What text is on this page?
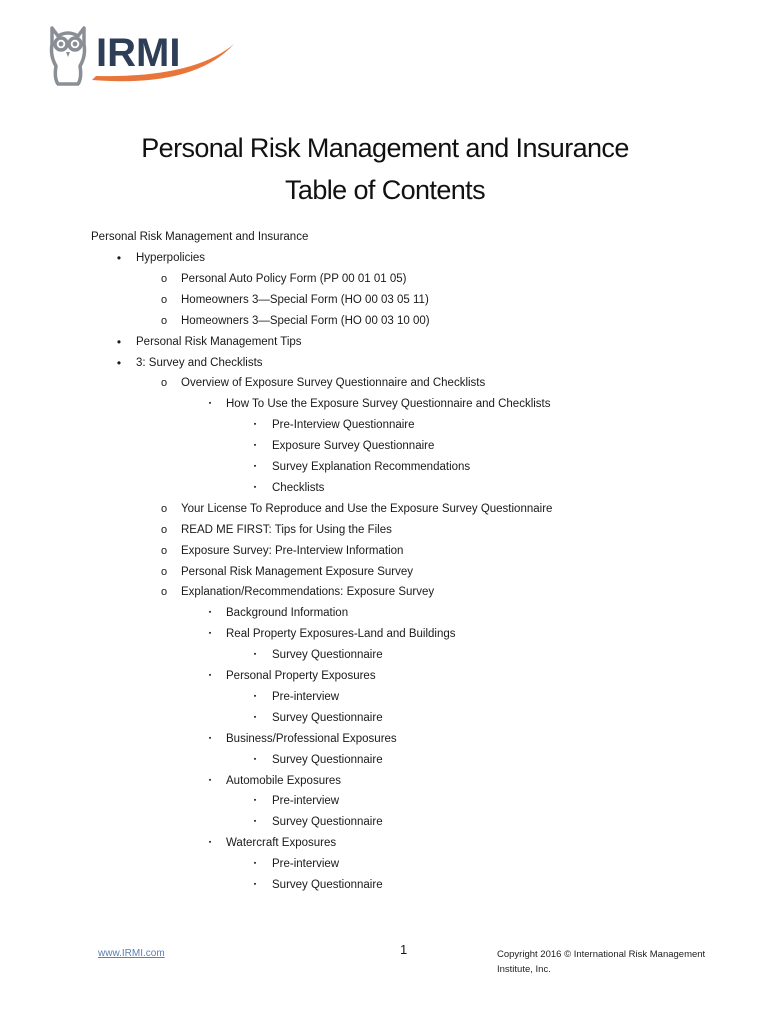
IRMI
Personal Risk Management and Insurance
Table of Contents
Personal Risk Management and Insurance
•	Hyperpolicies
o	Personal Auto Policy Form (PP 00 01 01 05)
o	Homeowners 3—Special Form (HO 00 03 05 11)
o	Homeowners 3—Special Form (HO 00 03 10 00)
•	Personal Risk Management Tips
•	3: Survey and Checklists
o	Overview of Exposure Survey Questionnaire and Checklists
▪	How To Use the Exposure Survey Questionnaire and Checklists
▪	Pre-Interview Questionnaire
▪	Exposure Survey Questionnaire
▪	Survey Explanation Recommendations
▪	Checklists
o	Your License To Reproduce and Use the Exposure Survey Questionnaire
o	READ ME FIRST: Tips for Using the Files
o	Exposure Survey: Pre-Interview Information
o	Personal Risk Management Exposure Survey
o	Explanation/Recommendations: Exposure Survey
▪	Background Information
▪	Real Property Exposures-Land and Buildings
▪	Survey Questionnaire
▪	Personal Property Exposures
▪	Pre-interview
▪	Survey Questionnaire
▪	Business/Professional Exposures
▪	Survey Questionnaire
▪	Automobile Exposures
▪	Pre-interview
▪	Survey Questionnaire
▪	Watercraft Exposures
▪	Pre-interview
▪	Survey Questionnaire
www.IRMI.com	1	Copyright 2016 © International Risk Management Institute, Inc.
